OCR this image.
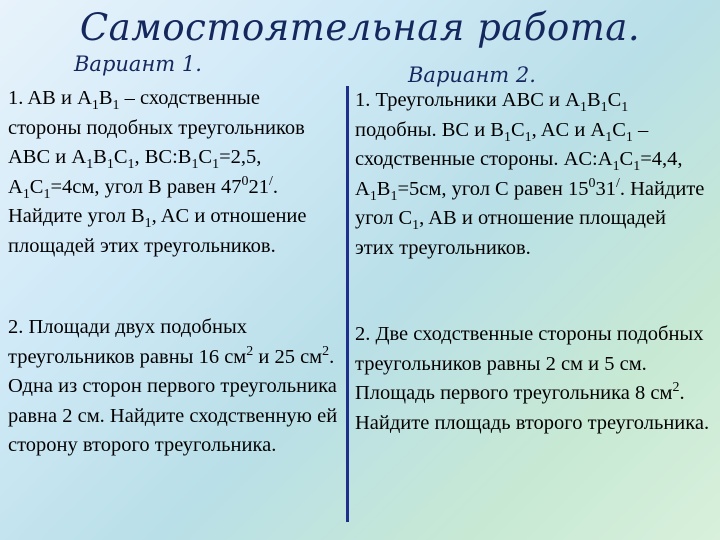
Самостоятельная работа.
Вариант 1.	Вариант 2.

1. AB и $A_1B_1$ – сходственные стороны подобных треугольников ABC и $A_1B_1C_1$, $BC:B_1C_1=2,5$, $A_1C_1=4см$, угол B равен $47^021^/$. Найдите угол $B_1$, AC и отношение площадей этих треугольников.

2. Площади двух подобных треугольников равны 16 $см^2$ и 25 $см^2$. Одна из сторон первого треугольника равна 2 см. Найдите сходственную ей сторону второго треугольника.

1. Треугольники ABC и $A_1B_1C_1$ подобны. BC и $B_1C_1$, AC и $A_1C_1$ – сходственные стороны. $AC:A_1C_1=4,4$, $A_1B_1=5см$, угол C равен $15^031^/$. Найдите угол $C_1$, AB и отношение площадей этих треугольников.

2. Две сходственные стороны подобных треугольников равны 2 см и 5 см. Площадь первого треугольника 8 $см^2$. Найдите площадь второго треугольника.
